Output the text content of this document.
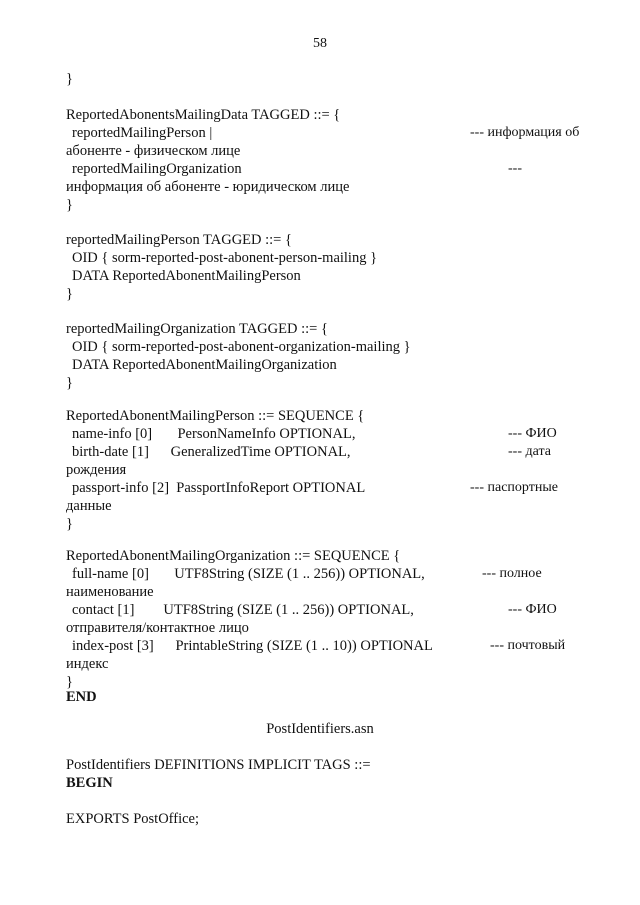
58
}
ReportedAbonentsMailingData TAGGED ::= {
reportedMailingPerson |	--- информация об
абоненте - физическом лице
reportedMailingOrganization	---
информация об абоненте - юридическом лице
}
reportedMailingPerson TAGGED ::= {
OID { sorm-reported-post-abonent-person-mailing }
DATA ReportedAbonentMailingPerson
}
reportedMailingOrganization TAGGED ::= {
OID { sorm-reported-post-abonent-organization-mailing }
DATA ReportedAbonentMailingOrganization
}
ReportedAbonentMailingPerson ::= SEQUENCE {
name-info [0]       PersonNameInfo OPTIONAL,	--- ФИО
birth-date [1]      GeneralizedTime OPTIONAL,	--- дата
рождения
passport-info [2]  PassportInfoReport OPTIONAL	--- паспортные
данные
}
ReportedAbonentMailingOrganization ::= SEQUENCE {
full-name [0]       UTF8String (SIZE (1 .. 256)) OPTIONAL,	--- полное
наименование
contact [1]        UTF8String (SIZE (1 .. 256)) OPTIONAL,	--- ФИО
отправителя/контактное лицо
index-post [3]      PrintableString (SIZE (1 .. 10)) OPTIONAL	--- почтовый
индекс
}
END
PostIdentifiers.asn
PostIdentifiers DEFINITIONS IMPLICIT TAGS ::=
BEGIN
EXPORTS PostOffice;
